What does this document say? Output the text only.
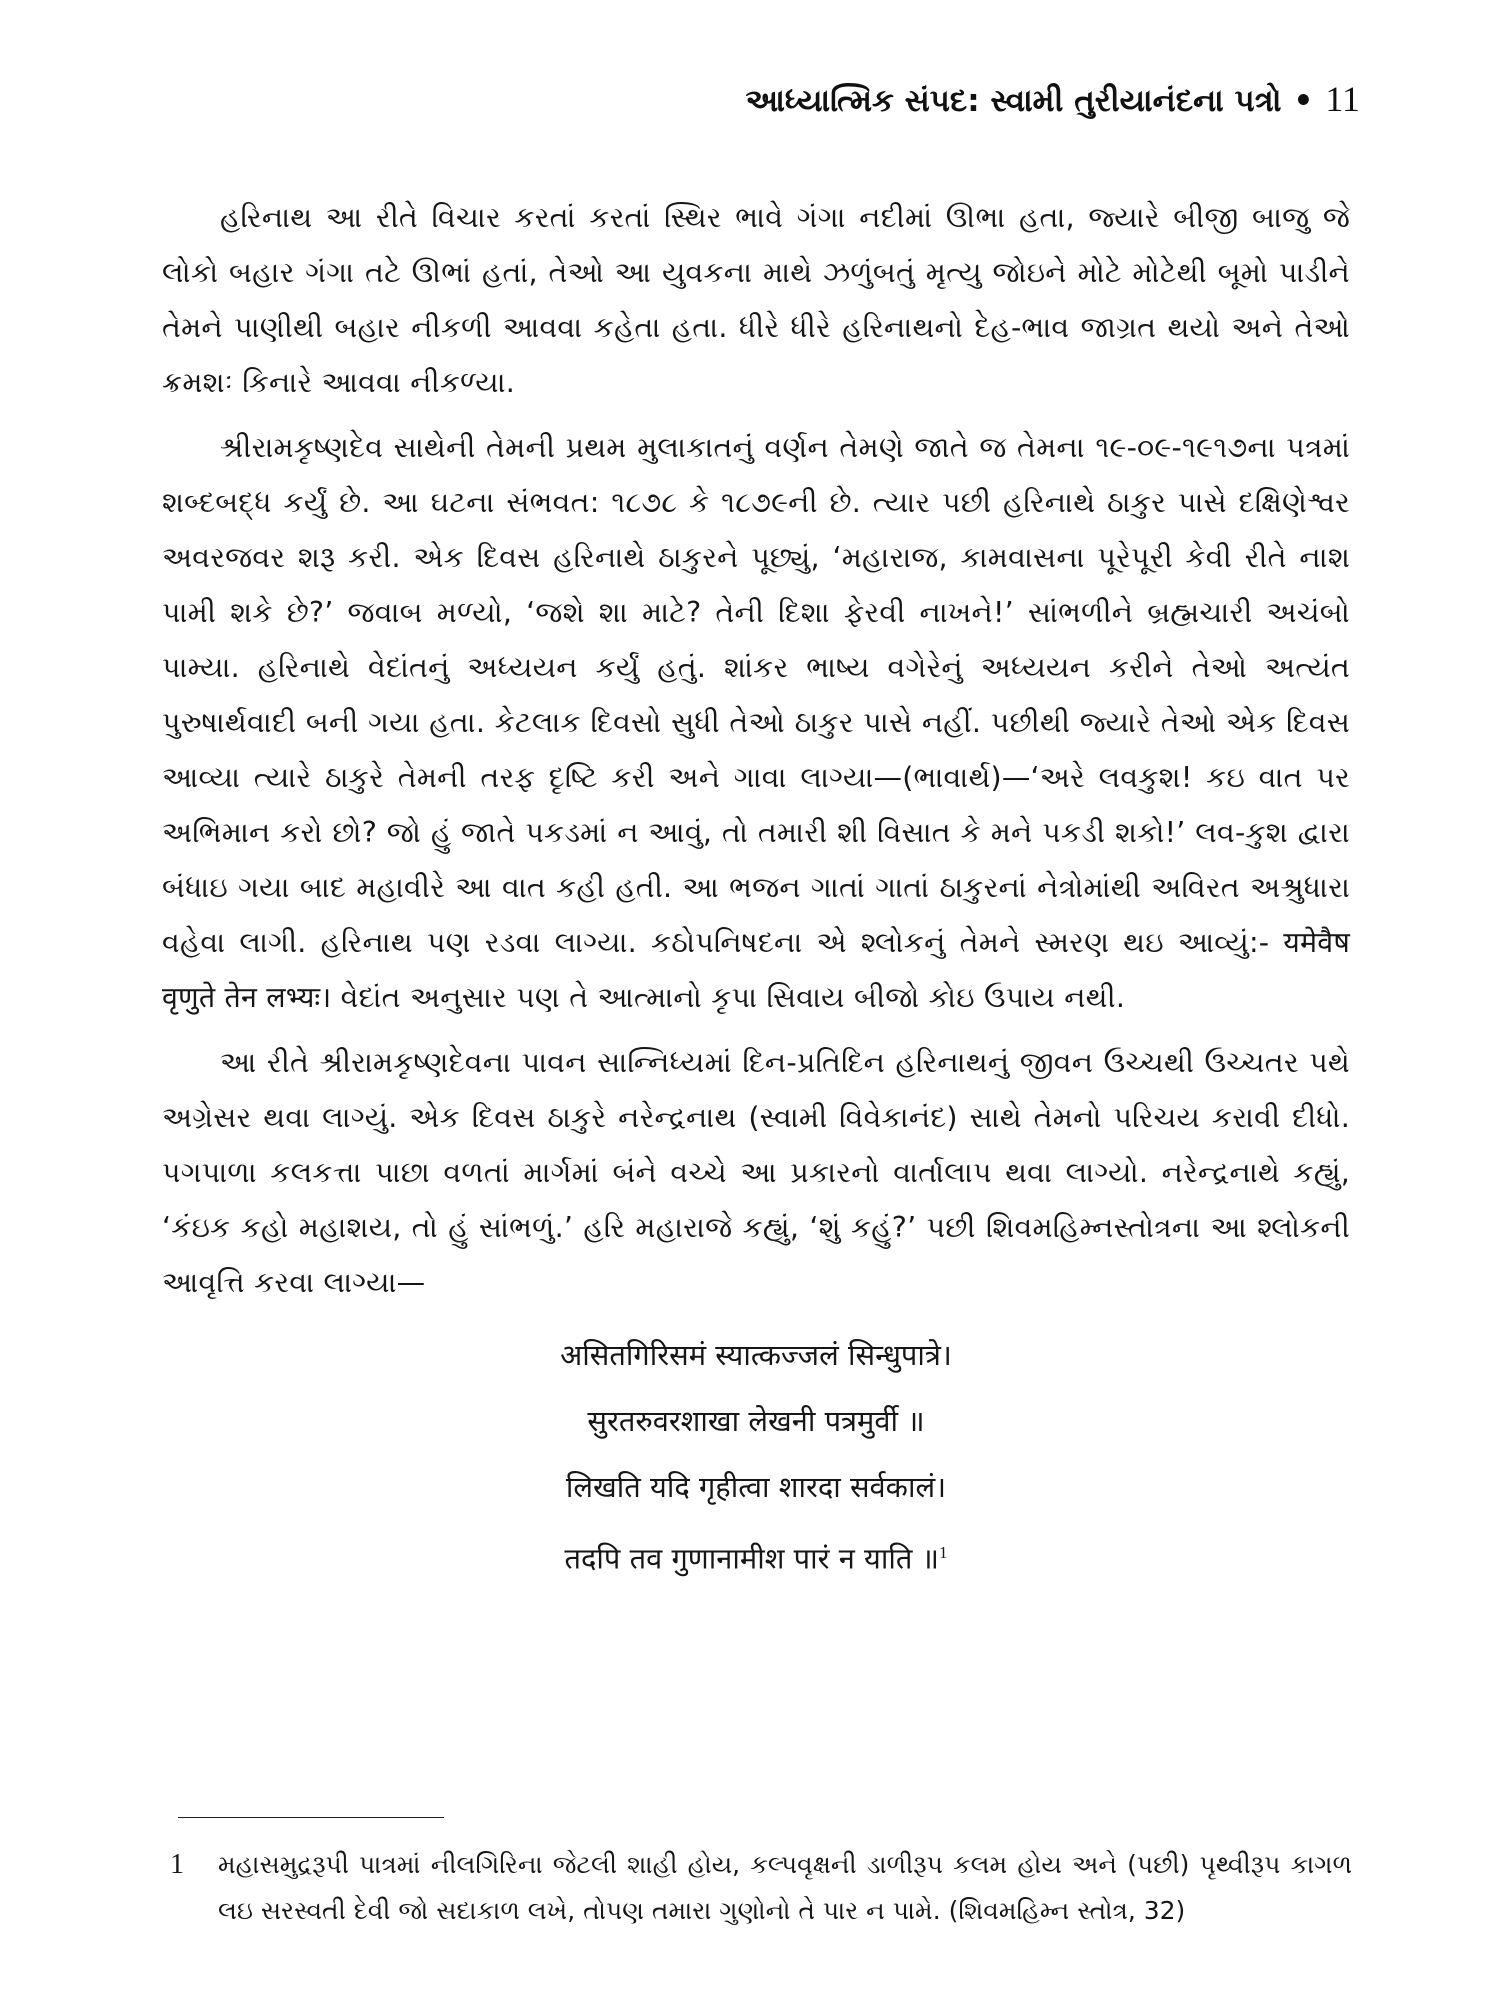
આધ્યાત્મિક સંપદ: સ્વામી તુરીયાનંદના પત્રો • 11

હરિનાથ આ રીતે વિચાર કરતાં કરતાં સ્થિર ભાવે ગંગા નદીમાં ઊભા હતા, જ્યારે બીજી બાજુ જે લોકો બહાર ગંગા તટે ઊભાં હતાં, તેઓ આ યુવકના માથે ઝળુંબતું મૃત્યુ જોઇને મોટે મોટેથી બૂમો પાડીને તેમને પાણીથી બહાર નીકળી આવવા કહેતા હતા. ધીરે ધીરે હરિનાથનો દેહ-ભાવ જાગ્રત થયો અને તેઓ ક્રમશઃ કિનારે આવવા નીકળ્યા.

શ્રીરામકૃષ્ણદેવ સાથેની તેમની પ્રથમ મુલાકાતનું વર્ણન તેમણે જાતે જ તેમના ૧૯-૦૯-૧૯૧૭ના પત્રમાં શબ્દબદ્ધ કર્યું છે. આ ઘટના સંભવત: ૧૮૭૮ કે ૧૮૭૯ની છે. ત્યાર પછી હરિનાથે ઠાકુર પાસે દક્ષિણેશ્વર અવરજવર શરૂ કરી. એક દિવસ હરિનાથે ઠાકુરને પૂછ્યું, ‘મહારાજ, કામવાસના પૂરેપૂરી કેવી રીતે નાશ પામી શકે છે?’ જવાબ મળ્યો, ‘જશે શા માટે? તેની દિશા ફેરવી નાખને!’ સાંભળીને બ્રહ્મચારી અચંબો પામ્યા. હરિનાથે વેદાંતનું અધ્યયન કર્યું હતું. શાંકર ભાષ્ય વગેરેનું અધ્યયન કરીને તેઓ અત્યંત પુરુષાર્થવાદી બની ગયા હતા. કેટલાક દિવસો સુધી તેઓ ઠાકુર પાસે નહીં. પછીથી જ્યારે તેઓ એક દિવસ આવ્યા ત્યારે ઠાકુરે તેમની તરફ દૃષ્ટિ કરી અને ગાવા લાગ્યા—(ભાવાર્થ)—‘અરે લવકુશ! કઇ વાત પર અભિમાન કરો છો? જો હું જાતે પકડમાં ન આવું, તો તમારી શી વિસાત કે મને પકડી શકો!’ લવ-કુશ દ્વારા બંધાઇ ગયા બાદ મહાવીરે આ વાત કહી હતી. આ ભજન ગાતાં ગાતાં ઠાકુરનાં નેત્રોમાંથી અવિરત અશ્રુધારા વહેવા લાગી. હરિનાથ પણ રડવા લાગ્યા. કઠોપનિષદના એ શ્લોકનું તેમને સ્મરણ થઇ આવ્યું:- यमेवैष वृणुते तेन लभ्यः। વેદાંત અનુસાર પણ તે આત્માનો કૃપા સિવાય બીજો કોઇ ઉપાય નથી.

આ રીતે શ્રીરામકૃષ્ણદેવના પાવન સાન્નિધ્યમાં દિન-પ્રતિદિન હરિનાથનું જીવન ઉચ્ચથી ઉચ્ચતર પથે અગ્રેસર થવા લાગ્યું. એક દિવસ ઠાકુરે નરેન્દ્રનાથ (સ્વામી વિવેકાનંદ) સાથે તેમનો પરિચય કરાવી દીધો. પગપાળા કલકત્તા પાછા વળતાં માર્ગમાં બંને વચ્ચે આ પ્રકારનો વાર્તાલાપ થવા લાગ્યો. નરેન્દ્રનાથે કહ્યું, ‘કંઇક કહો મહાશય, તો હું સાંભળું.’ હરિ મહારાજે કહ્યું, ‘શું કહું?’ પછી શિવમહિમ્નસ્તોત્રના આ શ્લોકની આવૃત્તિ કરવા લાગ્યા—

असितगिरिसमं स्यात्कज्जलं सिन्धुपात्रे।
सुरतरुवरशाखा लेखनी पत्रमुर्वी ॥
लिखति यदि गृहीत्वा शारदा सर्वकालं।
तदपि तव गुणानामीश पारं न याति ॥$^1$
1 મહાસમુદ્રરૂપી પાત્રમાં નીલગિરિના જેટલી શાહી હોય, કલ્પવૃક્ષની ડાળીરૂપ કલમ હોય અને (પછી) પૃથ્વીરૂપ કાગળ લઇ સરસ્વતી દેવી જો સદાકાળ લખે, તોપણ તમારા ગુણોનો તે પાર ન પામે. (શિવમહિમ્ન સ્તોત્ર, 32)
